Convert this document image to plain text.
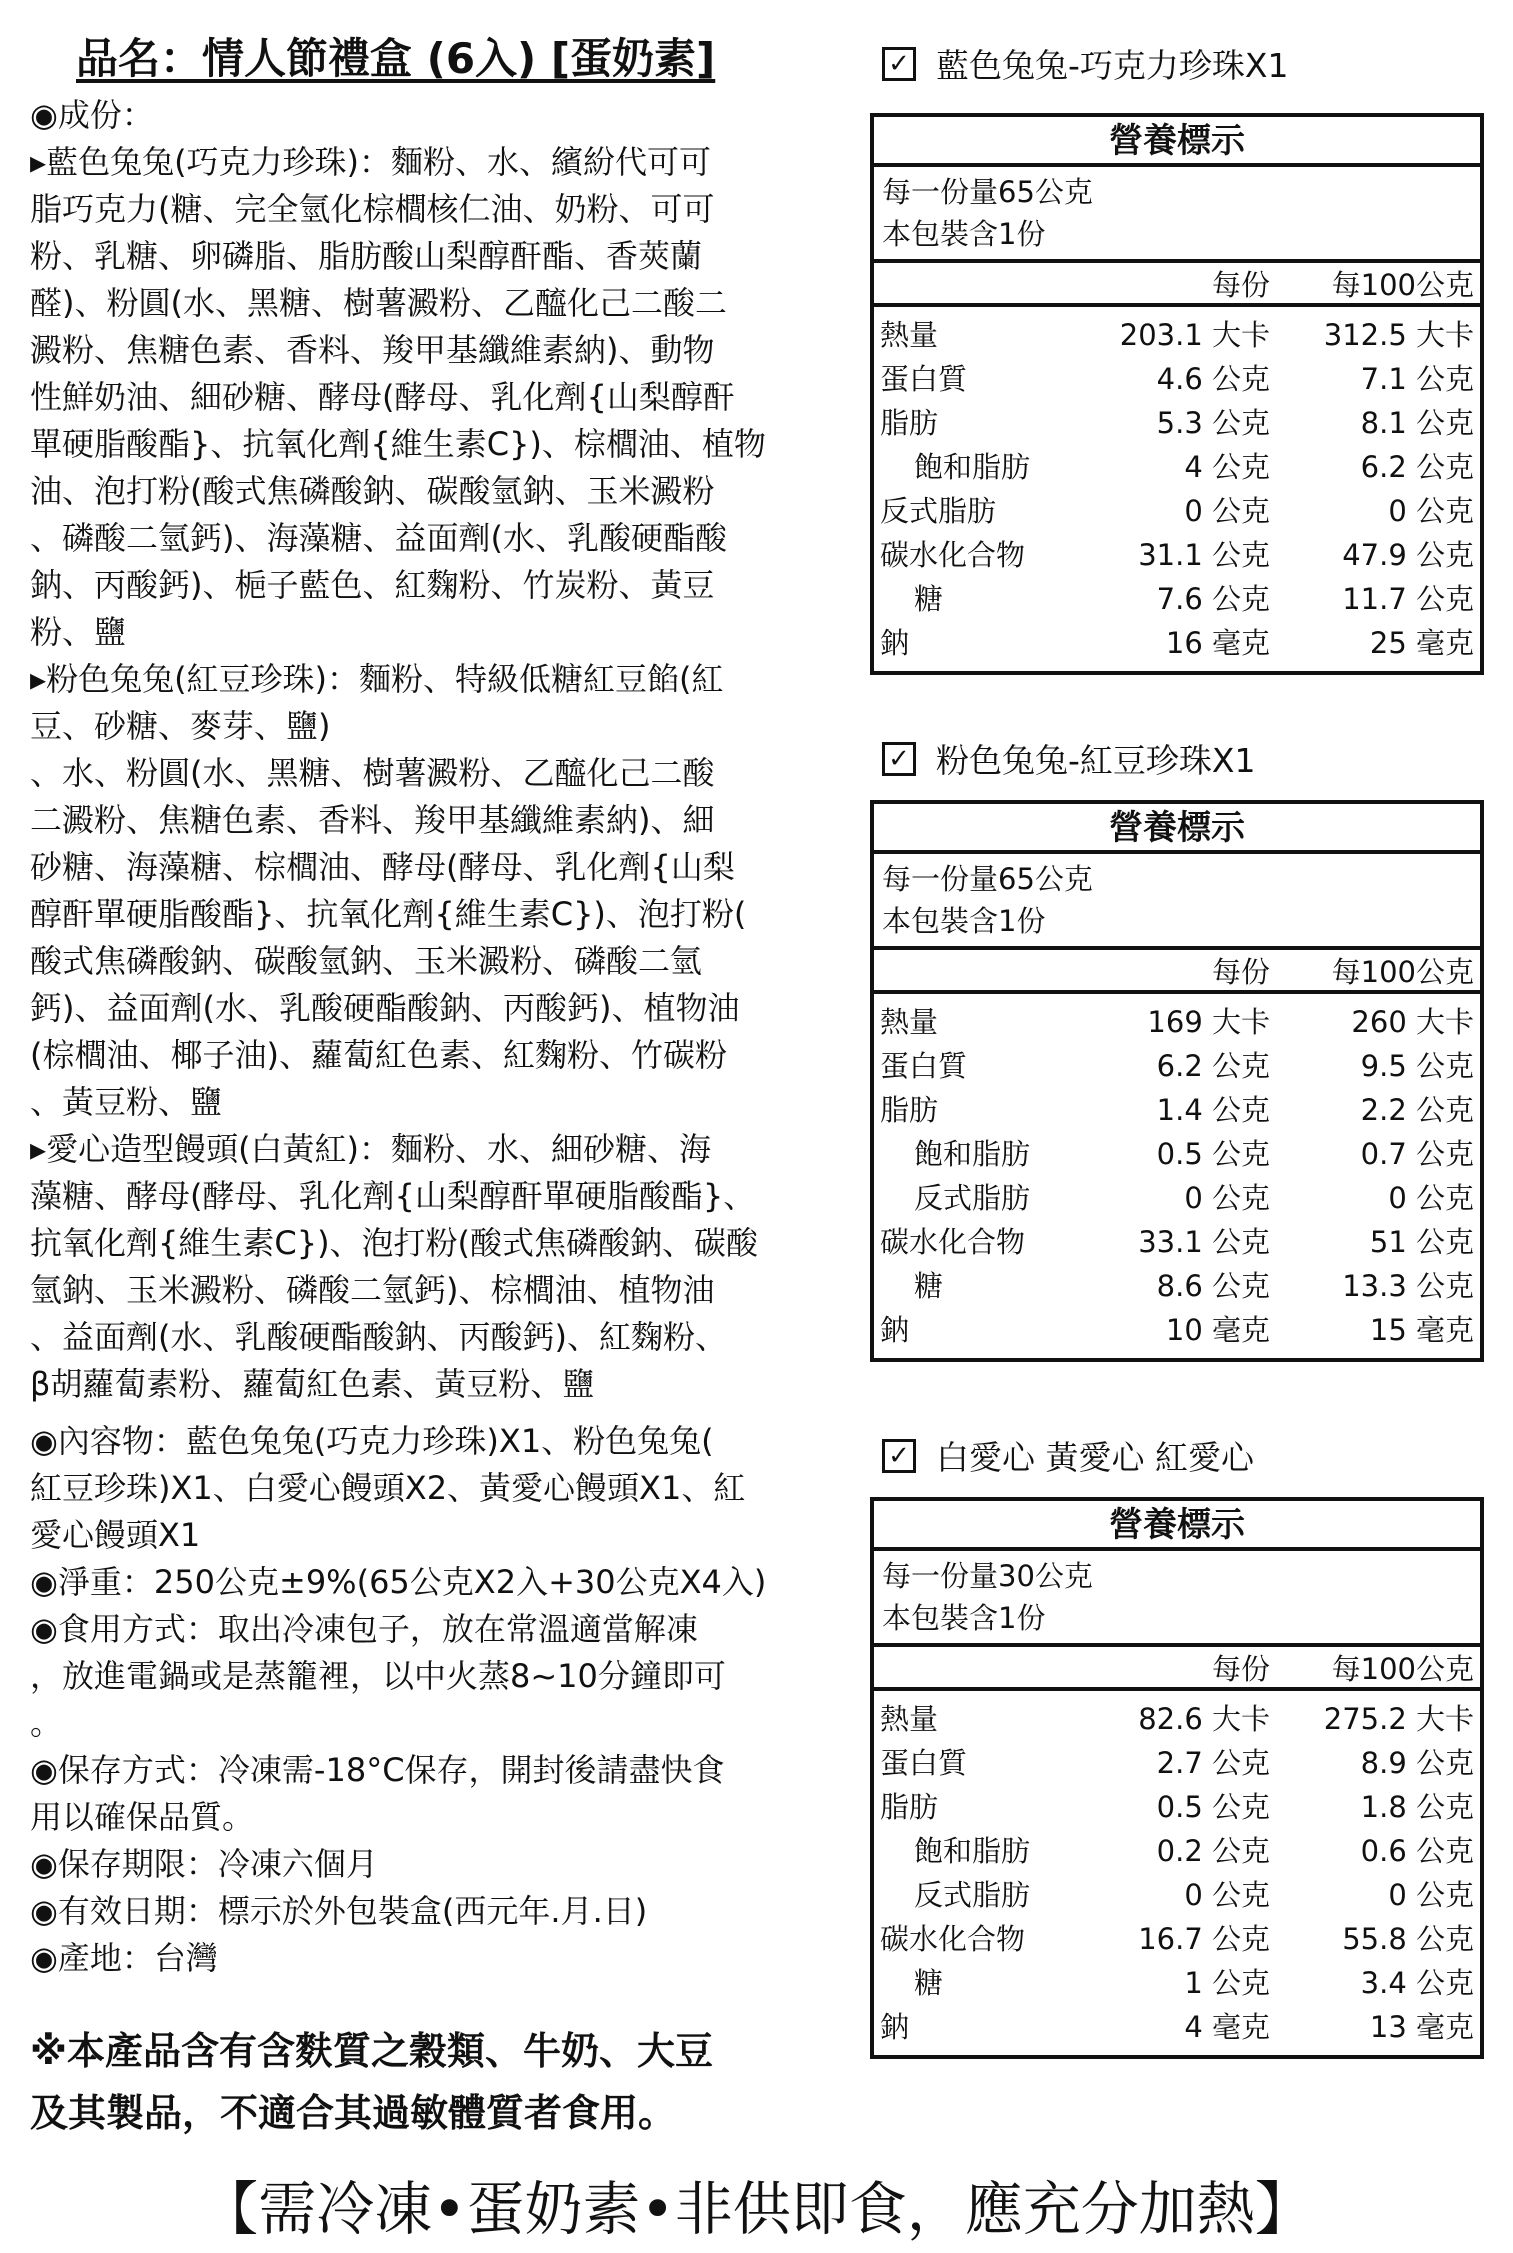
品名：情人節禮盒 (6入) [蛋奶素]
◉成份：
▸藍色兔兔(巧克力珍珠)：麵粉、水、繽紛代可可
脂巧克力(糖、完全氫化棕櫚核仁油、奶粉、可可
粉、乳糖、卵磷脂、脂肪酸山梨醇酐酯、香莢蘭
醛)、粉圓(水、黑糖、樹薯澱粉、乙醯化己二酸二
澱粉、焦糖色素、香料、羧甲基纖維素納)、動物
性鮮奶油、細砂糖、酵母(酵母、乳化劑{山梨醇酐
單硬脂酸酯}、抗氧化劑{維生素C})、棕櫚油、植物
油、泡打粉(酸式焦磷酸鈉、碳酸氫鈉、玉米澱粉
、磷酸二氫鈣)、海藻糖、益面劑(水、乳酸硬酯酸
鈉、丙酸鈣)、梔子藍色、紅麴粉、竹炭粉、黃豆
粉、鹽
▸粉色兔兔(紅豆珍珠)：麵粉、特級低糖紅豆餡(紅
豆、砂糖、麥芽、鹽)
、水、粉圓(水、黑糖、樹薯澱粉、乙醯化己二酸
二澱粉、焦糖色素、香料、羧甲基纖維素納)、細
砂糖、海藻糖、棕櫚油、酵母(酵母、乳化劑{山梨
醇酐單硬脂酸酯}、抗氧化劑{維生素C})、泡打粉(
酸式焦磷酸鈉、碳酸氫鈉、玉米澱粉、磷酸二氫
鈣)、益面劑(水、乳酸硬酯酸鈉、丙酸鈣)、植物油
(棕櫚油、椰子油)、蘿蔔紅色素、紅麴粉、竹碳粉
、黃豆粉、鹽
▸愛心造型饅頭(白黃紅)：麵粉、水、細砂糖、海
藻糖、酵母(酵母、乳化劑{山梨醇酐單硬脂酸酯}、
抗氧化劑{維生素C})、泡打粉(酸式焦磷酸鈉、碳酸
氫鈉、玉米澱粉、磷酸二氫鈣)、棕櫚油、植物油
、益面劑(水、乳酸硬酯酸鈉、丙酸鈣)、紅麴粉、
β胡蘿蔔素粉、蘿蔔紅色素、黃豆粉、鹽
◉內容物：藍色兔兔(巧克力珍珠)X1、粉色兔兔(
紅豆珍珠)X1、白愛心饅頭X2、黃愛心饅頭X1、紅
愛心饅頭X1
◉淨重：250公克±9%(65公克X2入+30公克X4入)
◉食用方式：取出冷凍包子，放在常溫適當解凍
，放進電鍋或是蒸籠裡，以中火蒸8~10分鐘即可
。
◉保存方式：冷凍需-18°C保存，開封後請盡快食
用以確保品質。
◉保存期限：冷凍六個月
◉有效日期：標示於外包裝盒(西元年.月.日)
◉產地：台灣
※本產品含有含麩質之穀類、牛奶、大豆
及其製品，不適合其過敏體質者食用。
【需冷凍•蛋奶素•非供即食，應充分加熱】
✓ 藍色兔兔-巧克力珍珠X1
營養標示
每一份量65公克
本包裝含1份
每份	每100公克
熱量	203.1 大卡	312.5 大卡
蛋白質	4.6 公克	7.1 公克
脂肪	5.3 公克	8.1 公克
飽和脂肪	4 公克	6.2 公克
反式脂肪	0 公克	0 公克
碳水化合物	31.1 公克	47.9 公克
糖	7.6 公克	11.7 公克
鈉	16 毫克	25 毫克
✓ 粉色兔兔-紅豆珍珠X1
營養標示
每一份量65公克
本包裝含1份
每份	每100公克
熱量	169 大卡	260 大卡
蛋白質	6.2 公克	9.5 公克
脂肪	1.4 公克	2.2 公克
飽和脂肪	0.5 公克	0.7 公克
反式脂肪	0 公克	0 公克
碳水化合物	33.1 公克	51 公克
糖	8.6 公克	13.3 公克
鈉	10 毫克	15 毫克
✓ 白愛心 黃愛心 紅愛心
營養標示
每一份量30公克
本包裝含1份
每份	每100公克
熱量	82.6 大卡	275.2 大卡
蛋白質	2.7 公克	8.9 公克
脂肪	0.5 公克	1.8 公克
飽和脂肪	0.2 公克	0.6 公克
反式脂肪	0 公克	0 公克
碳水化合物	16.7 公克	55.8 公克
糖	1 公克	3.4 公克
鈉	4 毫克	13 毫克
